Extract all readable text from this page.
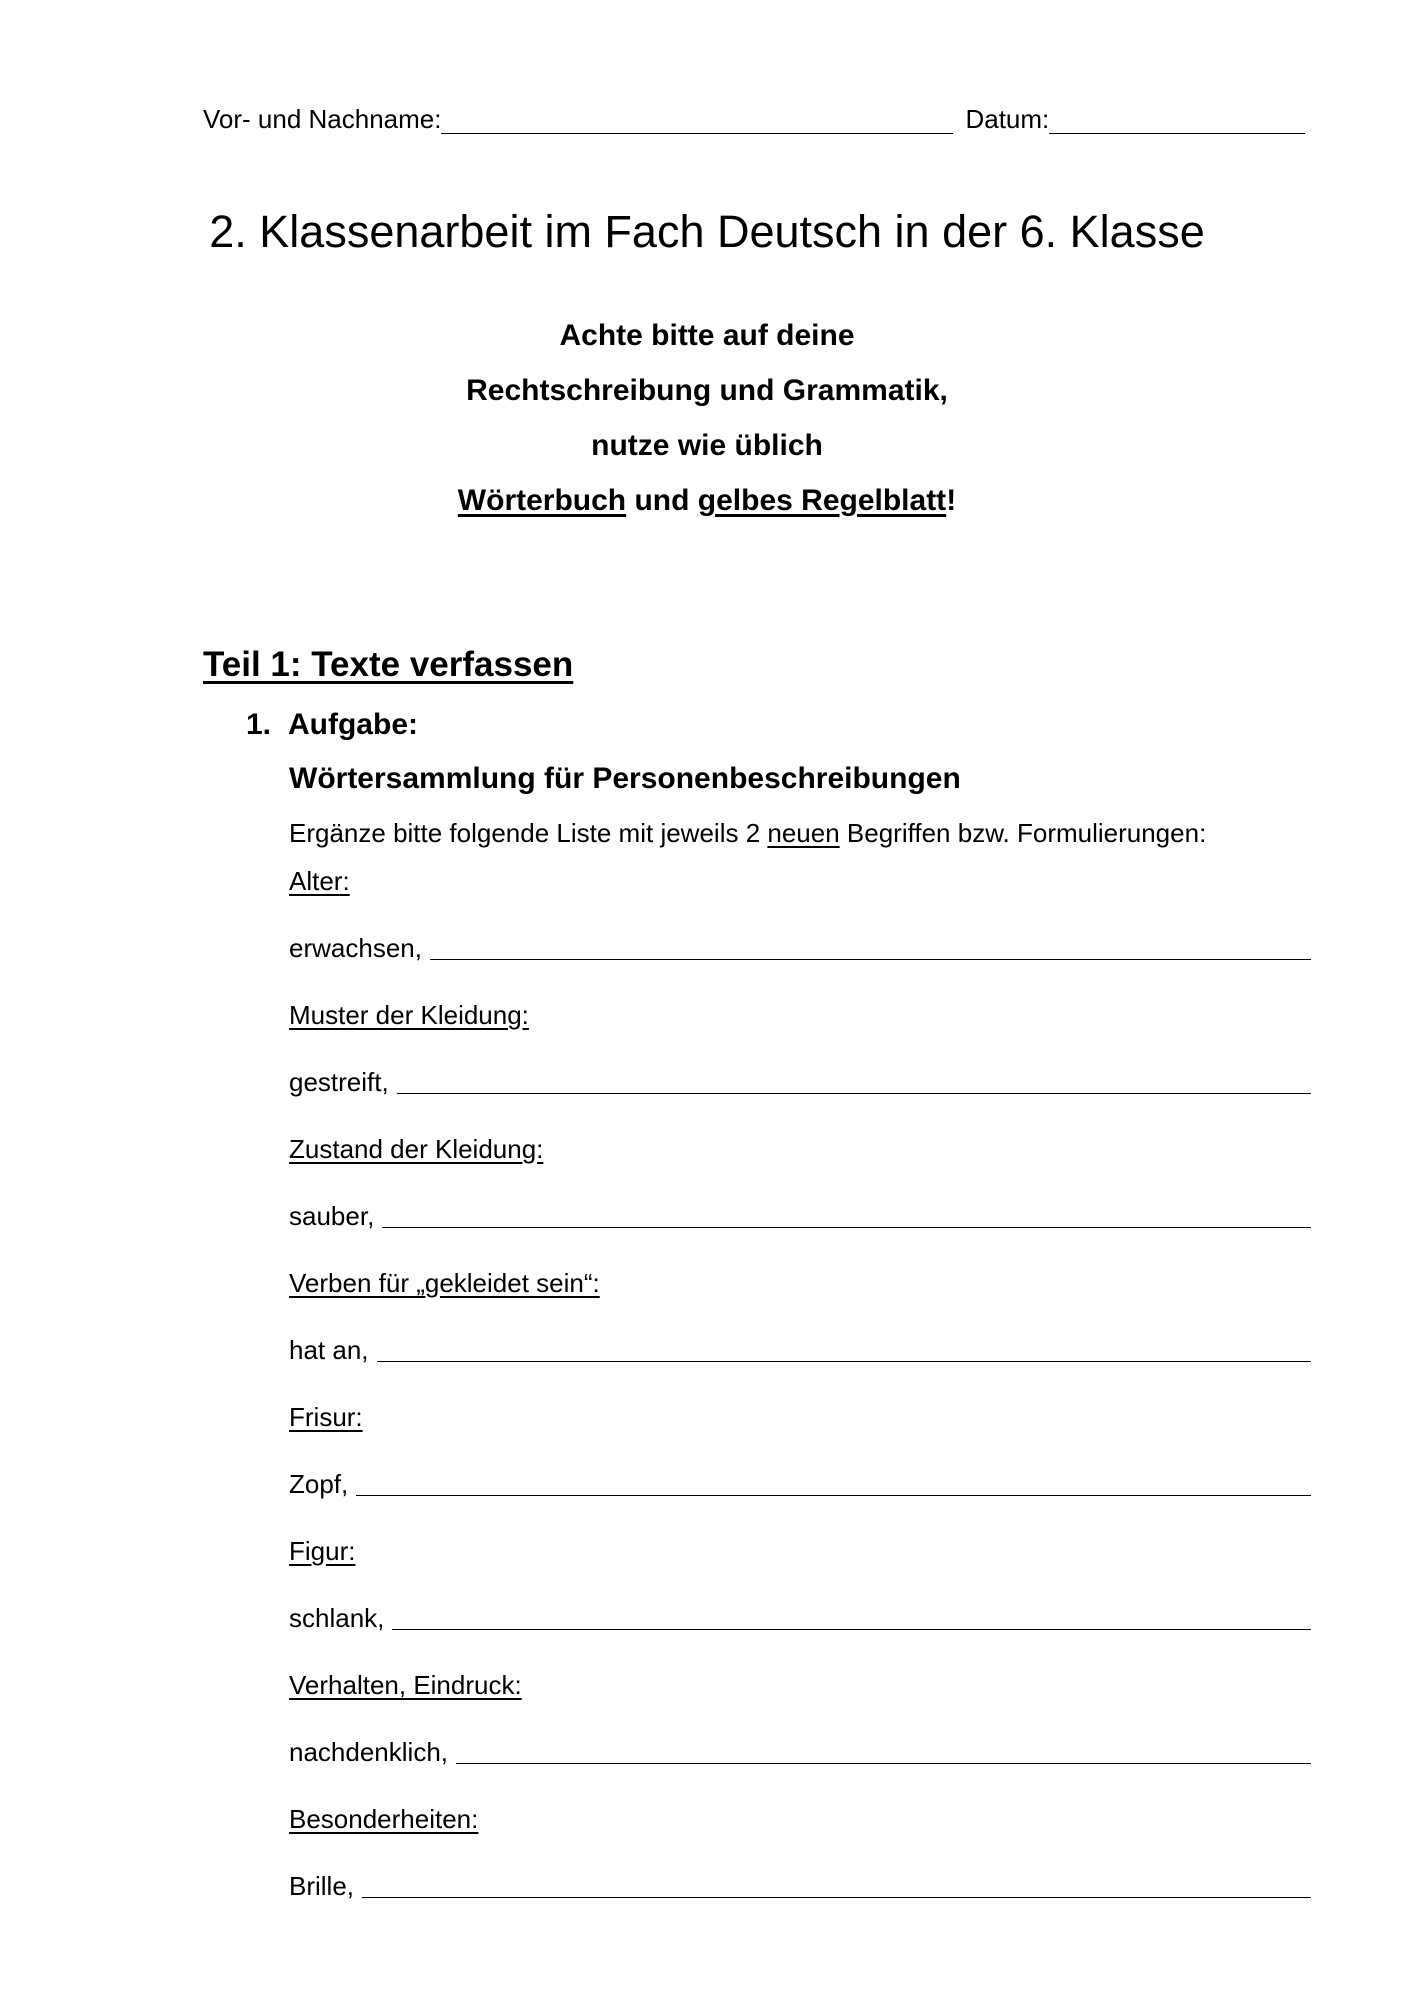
Vor- und Nachname:	Datum:
2. Klassenarbeit im Fach Deutsch in der 6. Klasse
Achte bitte auf deine
Rechtschreibung und Grammatik,
nutze wie üblich
Wörterbuch und gelbes Regelblatt!
Teil 1: Texte verfassen
1. Aufgabe:
Wörtersammlung für Personenbeschreibungen
Ergänze bitte folgende Liste mit jeweils 2 neuen Begriffen bzw. Formulierungen:
Alter:
erwachsen,
Muster der Kleidung:
gestreift,
Zustand der Kleidung:
sauber,
Verben für „gekleidet sein“:
hat an,
Frisur:
Zopf,
Figur:
schlank,
Verhalten, Eindruck:
nachdenklich,
Besonderheiten:
Brille,
